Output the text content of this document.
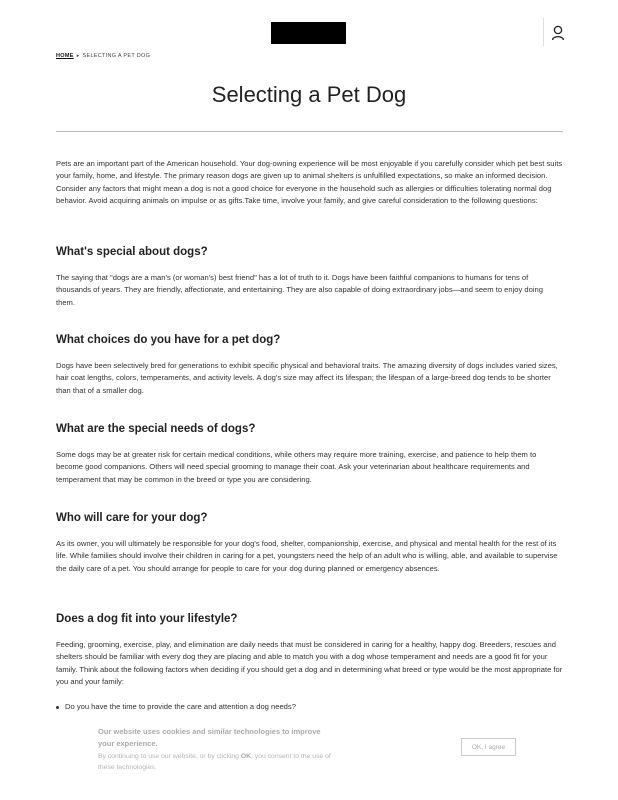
HOME ▸ SELECTING A PET DOG
Selecting a Pet Dog

Pets are an important part of the American household. Your dog-owning experience will be most enjoyable if you carefully consider which pet best suits your family, home, and lifestyle. The primary reason dogs are given up to animal shelters is unfulfilled expectations, so make an informed decision. Consider any factors that might mean a dog is not a good choice for everyone in the household such as allergies or difficulties tolerating normal dog behavior. Avoid acquiring animals on impulse or as gifts.Take time, involve your family, and give careful consideration to the following questions:

What's special about dogs?

The saying that "dogs are a man's (or woman's) best friend" has a lot of truth to it. Dogs have been faithful companions to humans for tens of thousands of years. They are friendly, affectionate, and entertaining. They are also capable of doing extraordinary jobs—and seem to enjoy doing them.

What choices do you have for a pet dog?

Dogs have been selectively bred for generations to exhibit specific physical and behavioral traits. The amazing diversity of dogs includes varied sizes, hair coat lengths, colors, temperaments, and activity levels. A dog's size may affect its lifespan; the lifespan of a large-breed dog tends to be shorter than that of a smaller dog.

What are the special needs of dogs?

Some dogs may be at greater risk for certain medical conditions, while others may require more training, exercise, and patience to help them to become good companions. Others will need special grooming to manage their coat. Ask your veterinarian about healthcare requirements and temperament that may be common in the breed or type you are considering.

Who will care for your dog?

As its owner, you will ultimately be responsible for your dog's food, shelter, companionship, exercise, and physical and mental health for the rest of its life. While families should involve their children in caring for a pet, youngsters need the help of an adult who is willing, able, and available to supervise the daily care of a pet. You should arrange for people to care for your dog during planned or emergency absences.

Does a dog fit into your lifestyle?

Feeding, grooming, exercise, play, and elimination are daily needs that must be considered in caring for a healthy, happy dog. Breeders, rescues and shelters should be familiar with every dog they are placing and able to match you with a dog whose temperament and needs are a good fit for your family. Think about the following factors when deciding if you should get a dog and in determining what breed or type would be the most appropriate for you and your family:

Do you have the time to provide the care and attention a dog needs?
Our website uses cookies and similar technologies to improve your experience.
By continuing to use our website, or by clicking OK, you consent to the use of these technologies.
OK, I agree
